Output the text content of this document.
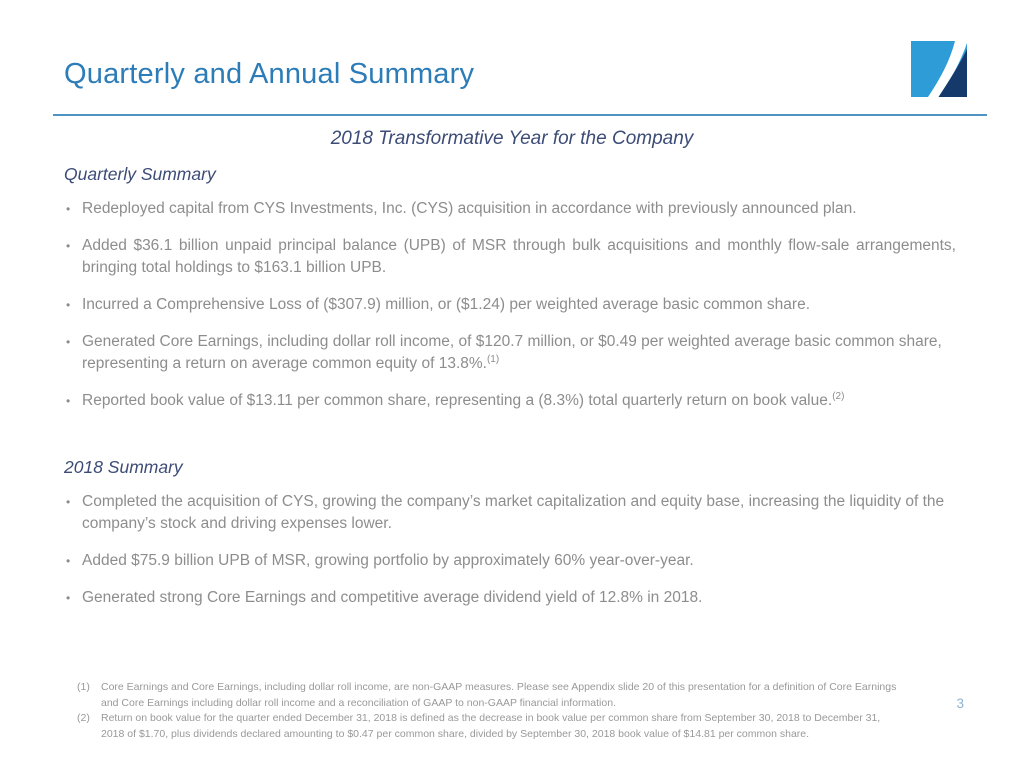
Quarterly and Annual Summary
2018 Transformative Year for the Company
Quarterly Summary
• Redeployed capital from CYS Investments, Inc. (CYS) acquisition in accordance with previously announced plan.
• Added $36.1 billion unpaid principal balance (UPB) of MSR through bulk acquisitions and monthly flow-sale arrangements, bringing total holdings to $163.1 billion UPB.
• Incurred a Comprehensive Loss of ($307.9) million, or ($1.24) per weighted average basic common share.
• Generated Core Earnings, including dollar roll income, of $120.7 million, or $0.49 per weighted average basic common share, representing a return on average common equity of 13.8%.$^{(1)}$
• Reported book value of $13.11 per common share, representing a (8.3%) total quarterly return on book value.$^{(2)}$
2018 Summary
• Completed the acquisition of CYS, growing the company’s market capitalization and equity base, increasing the liquidity of the company’s stock and driving expenses lower.
• Added $75.9 billion UPB of MSR, growing portfolio by approximately 60% year-over-year.
• Generated strong Core Earnings and competitive average dividend yield of 12.8% in 2018.
(1)	Core Earnings and Core Earnings, including dollar roll income, are non-GAAP measures. Please see Appendix slide 20 of this presentation for a definition of Core Earnings and Core Earnings including dollar roll income and a reconciliation of GAAP to non-GAAP financial information.
(2)	Return on book value for the quarter ended December 31, 2018 is defined as the decrease in book value per common share from September 30, 2018 to December 31, 2018 of $1.70, plus dividends declared amounting to $0.47 per common share, divided by September 30, 2018 book value of $14.81 per common share.
3
